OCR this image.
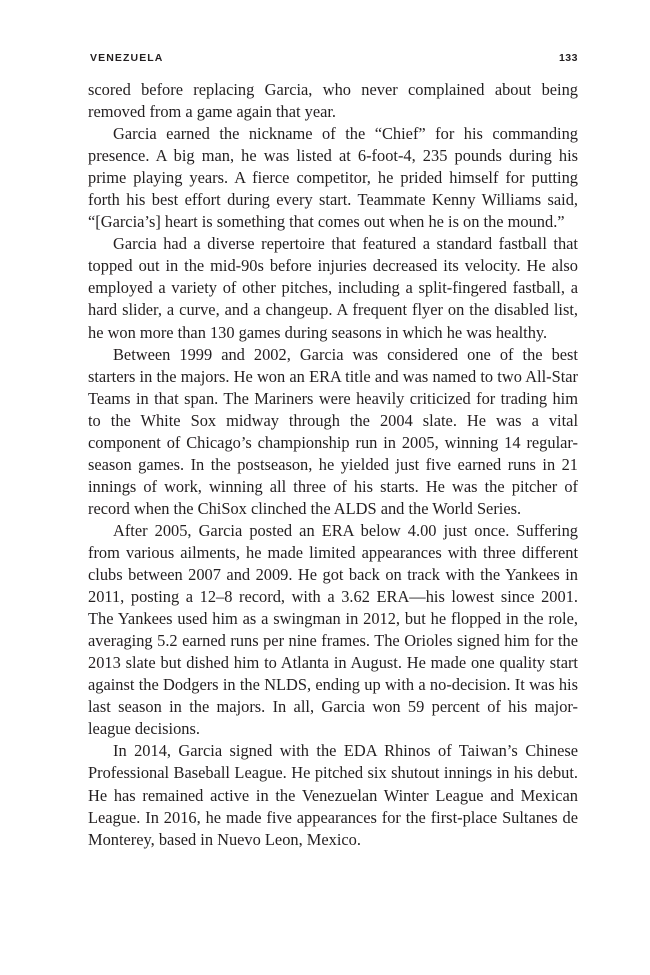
VENEZUELA	133

scored before replacing Garcia, who never complained about being removed from a game again that year.

Garcia earned the nickname of the “Chief” for his commanding presence. A big man, he was listed at 6-foot-4, 235 pounds during his prime playing years. A fierce competitor, he prided himself for putting forth his best effort during every start. Teammate Kenny Williams said, “[Garcia’s] heart is something that comes out when he is on the mound.”

Garcia had a diverse repertoire that featured a standard fastball that topped out in the mid-90s before injuries decreased its velocity. He also employed a variety of other pitches, including a split-fingered fastball, a hard slider, a curve, and a changeup. A frequent flyer on the disabled list, he won more than 130 games during seasons in which he was healthy.

Between 1999 and 2002, Garcia was considered one of the best starters in the majors. He won an ERA title and was named to two All-Star Teams in that span. The Mariners were heavily criticized for trading him to the White Sox midway through the 2004 slate. He was a vital component of Chicago’s championship run in 2005, winning 14 regular-season games. In the postseason, he yielded just five earned runs in 21 innings of work, winning all three of his starts. He was the pitcher of record when the ChiSox clinched the ALDS and the World Series.

After 2005, Garcia posted an ERA below 4.00 just once. Suffering from various ailments, he made limited appearances with three different clubs between 2007 and 2009. He got back on track with the Yankees in 2011, posting a 12–8 record, with a 3.62 ERA—his lowest since 2001. The Yankees used him as a swingman in 2012, but he flopped in the role, averaging 5.2 earned runs per nine frames. The Orioles signed him for the 2013 slate but dished him to Atlanta in August. He made one quality start against the Dodgers in the NLDS, ending up with a no-decision. It was his last season in the majors. In all, Garcia won 59 percent of his major-league decisions.

In 2014, Garcia signed with the EDA Rhinos of Taiwan’s Chinese Professional Baseball League. He pitched six shutout innings in his debut. He has remained active in the Venezuelan Winter League and Mexican League. In 2016, he made five appearances for the first-place Sultanes de Monterey, based in Nuevo Leon, Mexico.
